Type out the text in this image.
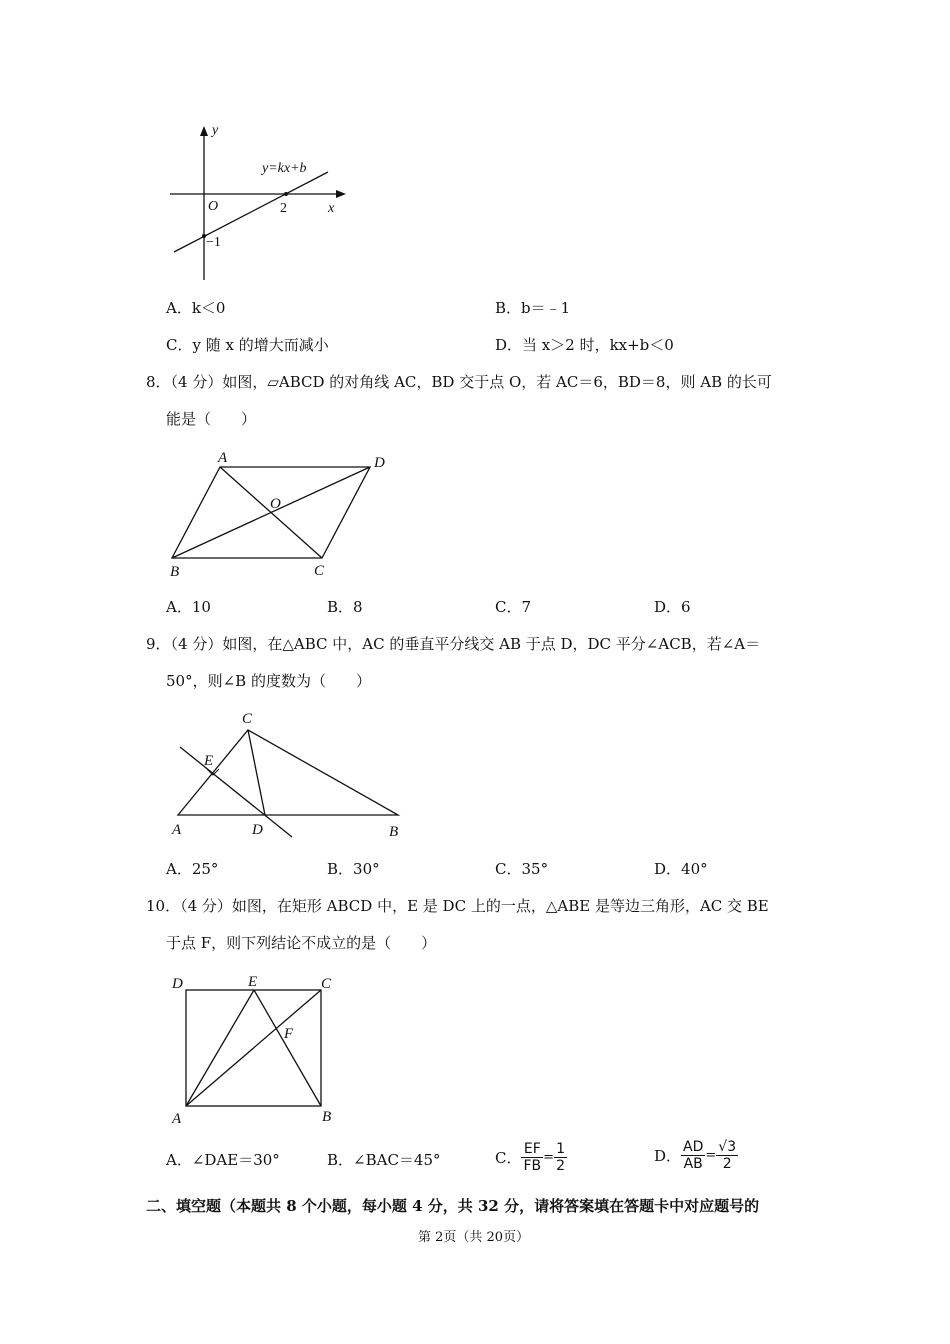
y
x
O	2
−1
y=kx+b
A．k＜0	B．b＝﹣1
C．y 随 x 的增大而减小	D．当 x＞2 时，kx+b＜0
8．（4 分）如图，▱ABCD 的对角线 AC，BD 交于点 O，若 AC＝6，BD＝8，则 AB 的长可
能是（　　）
A	D
B	C
O
A．10	B．8	C．7	D．6
9．（4 分）如图，在△ABC 中，AC 的垂直平分线交 AB 于点 D，DC 平分∠ACB，若∠A＝
50°，则∠B 的度数为（　　）
C
E
A	D	B
A．25°	B．30°	C．35°	D．40°
10．（4 分）如图，在矩形 ABCD 中，E 是 DC 上的一点，△ABE 是等边三角形，AC 交 BE
于点 F，则下列结论不成立的是（　　）
D	E	C
F
A	B
A．∠DAE＝30°	B．∠BAC＝45°	C． $\frac{EF}{FB} = \frac{1}{2}$	D． $\frac{AD}{AB} = \frac{√3}{2}$
二、填空题（本题共 8 个小题，每小题 4 分，共 32 分，请将答案填在答题卡中对应题号的
第 2页（共 20页）
